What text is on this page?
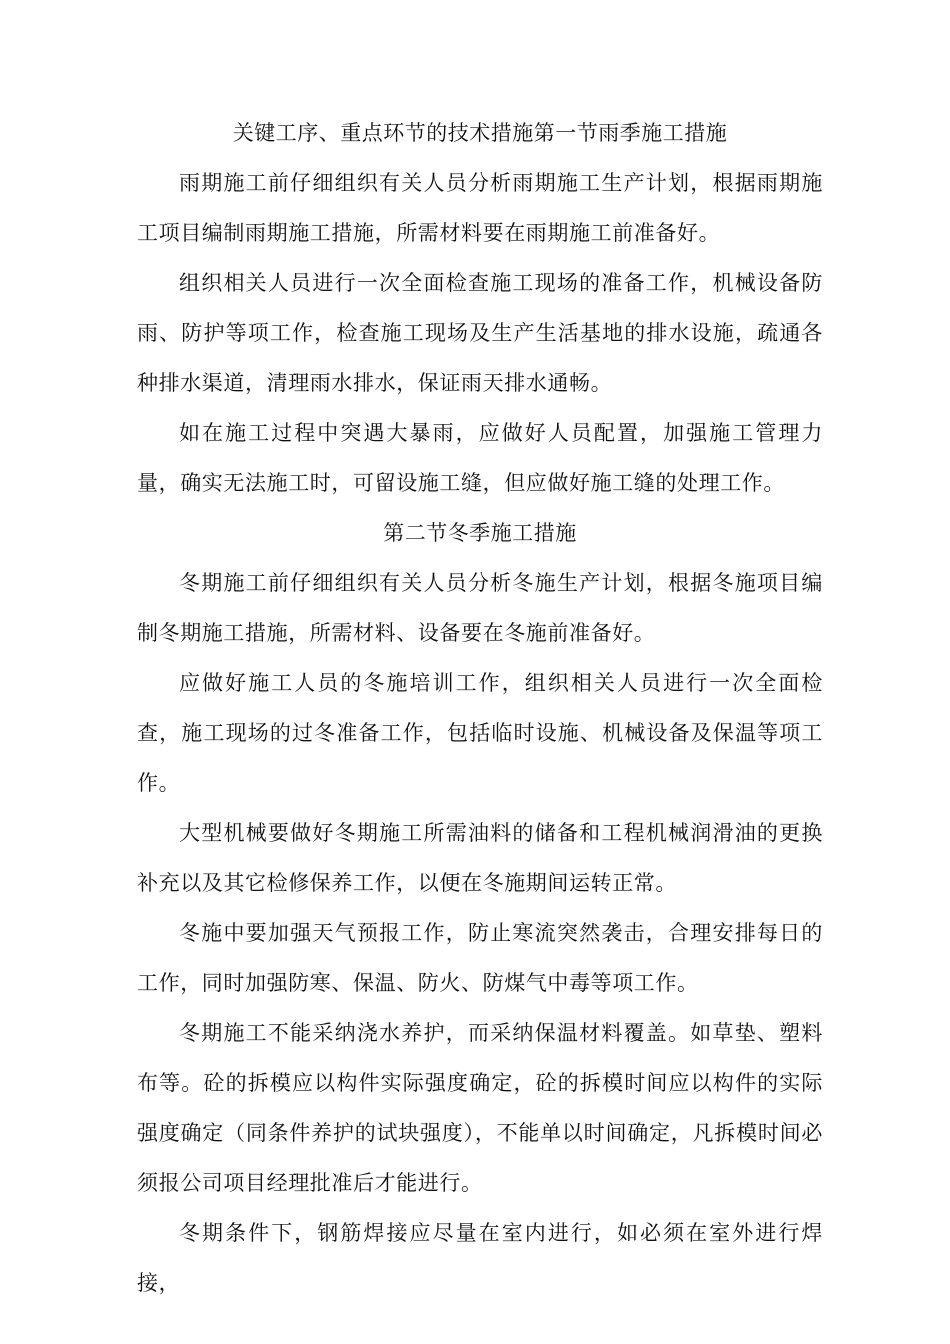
关键工序、重点环节的技术措施第一节雨季施工措施

雨期施工前仔细组织有关人员分析雨期施工生产计划，根据雨期施工项目编制雨期施工措施，所需材料要在雨期施工前准备好。

组织相关人员进行一次全面检查施工现场的准备工作，机械设备防雨、防护等项工作，检查施工现场及生产生活基地的排水设施，疏通各种排水渠道，清理雨水排水，保证雨天排水通畅。

如在施工过程中突遇大暴雨，应做好人员配置，加强施工管理力量，确实无法施工时，可留设施工缝，但应做好施工缝的处理工作。

第二节冬季施工措施

冬期施工前仔细组织有关人员分析冬施生产计划，根据冬施项目编制冬期施工措施，所需材料、设备要在冬施前准备好。

应做好施工人员的冬施培训工作，组织相关人员进行一次全面检查，施工现场的过冬准备工作，包括临时设施、机械设备及保温等项工作。

大型机械要做好冬期施工所需油料的储备和工程机械润滑油的更换补充以及其它检修保养工作，以便在冬施期间运转正常。

冬施中要加强天气预报工作，防止寒流突然袭击，合理安排每日的工作，同时加强防寒、保温、防火、防煤气中毒等项工作。

冬期施工不能采纳浇水养护，而采纳保温材料覆盖。如草垫、塑料布等。砼的拆模应以构件实际强度确定，砼的拆模时间应以构件的实际强度确定（同条件养护的试块强度），不能单以时间确定，凡拆模时间必须报公司项目经理批准后才能进行。

冬期条件下，钢筋焊接应尽量在室内进行，如必须在室外进行焊接，
